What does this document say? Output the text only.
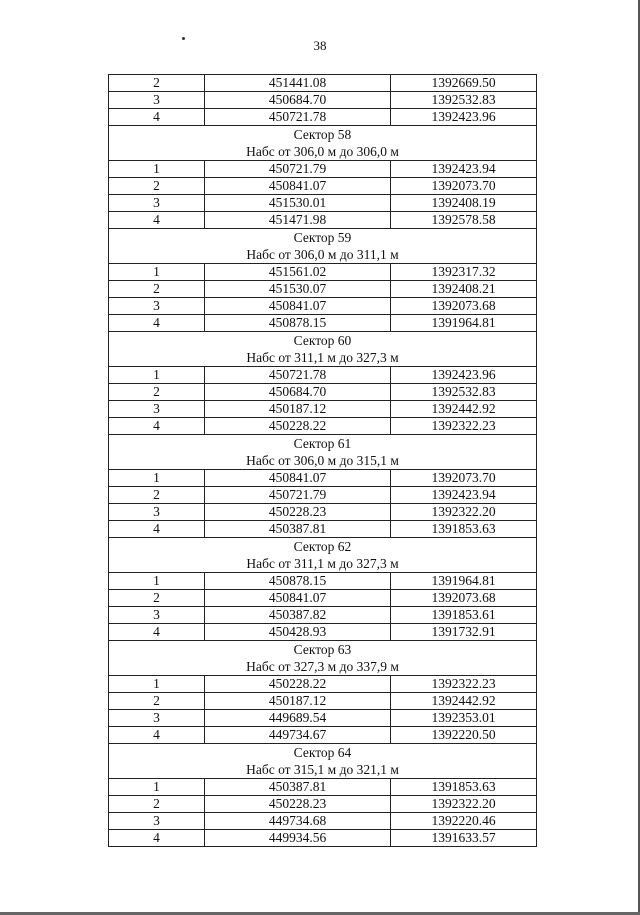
38
2	451441.08	1392669.50
3	450684.70	1392532.83
4	450721.78	1392423.96

Сектор 58
Набс от 306,0 м до 306,0 м		

1	450721.79	1392423.94
2	450841.07	1392073.70
3	451530.01	1392408.19
4	451471.98	1392578.58

Сектор 59
Набс от 306,0 м до 311,1 м		

1	451561.02	1392317.32
2	451530.07	1392408.21
3	450841.07	1392073.68
4	450878.15	1391964.81

Сектор 60
Набс от 311,1 м до 327,3 м		

1	450721.78	1392423.96
2	450684.70	1392532.83
3	450187.12	1392442.92
4	450228.22	1392322.23

Сектор 61
Набс от 306,0 м до 315,1 м		

1	450841.07	1392073.70
2	450721.79	1392423.94
3	450228.23	1392322.20
4	450387.81	1391853.63

Сектор 62
Набс от 311,1 м до 327,3 м		

1	450878.15	1391964.81
2	450841.07	1392073.68
3	450387.82	1391853.61
4	450428.93	1391732.91

Сектор 63
Набс от 327,3 м до 337,9 м		

1	450228.22	1392322.23
2	450187.12	1392442.92
3	449689.54	1392353.01
4	449734.67	1392220.50

Сектор 64
Набс от 315,1 м до 321,1 м		

1	450387.81	1391853.63
2	450228.23	1392322.20
3	449734.68	1392220.46
4	449934.56	1391633.57
